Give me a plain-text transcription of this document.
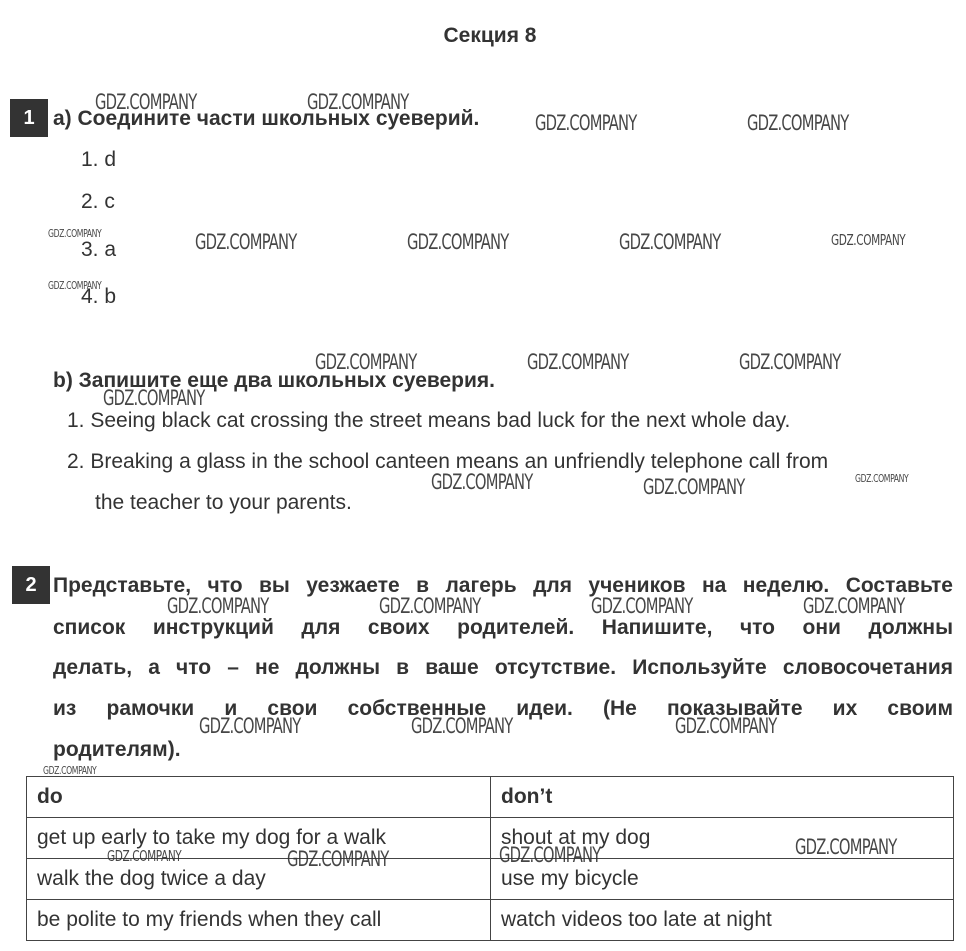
Секция 8
1 a) Соедините части школьных суеверий.
1. d
2. c
3. a
4. b
b) Запишите еще два школьных суеверия.
1. Seeing black cat crossing the street means bad luck for the next whole day.
2. Breaking a glass in the school canteen means an unfriendly telephone call from
the teacher to your parents.
2 Представьте, что вы уезжаете в лагерь для учеников на неделю. Составьте
список инструкций для своих родителей. Напишите, что они должны
делать, а что – не должны в ваше отсутствие. Используйте словосочетания
из рамочки и свои собственные идеи. (Не показывайте их своим
родителям).
do	don’t
get up early to take my dog for a walk	shout at my dog
walk the dog twice a day	use my bicycle
be polite to my friends when they call	watch videos too late at night
GDZ.COMPANY	GDZ.COMPANY
GDZ.COMPANY	GDZ.COMPANY
GDZ.COMPANY	GDZ.COMPANY	GDZ.COMPANY	GDZ.COMPANY	GDZ.COMPANY
GDZ.COMPANY
GDZ.COMPANY	GDZ.COMPANY	GDZ.COMPANY
GDZ.COMPANY
GDZ.COMPANY	GDZ.COMPANY	GDZ.COMPANY
GDZ.COMPANY	GDZ.COMPANY	GDZ.COMPANY	GDZ.COMPANY
GDZ.COMPANY	GDZ.COMPANY	GDZ.COMPANY
GDZ.COMPANY
GDZ.COMPANY
GDZ.COMPANY
GDZ.COMPANY	GDZ.COMPANY
